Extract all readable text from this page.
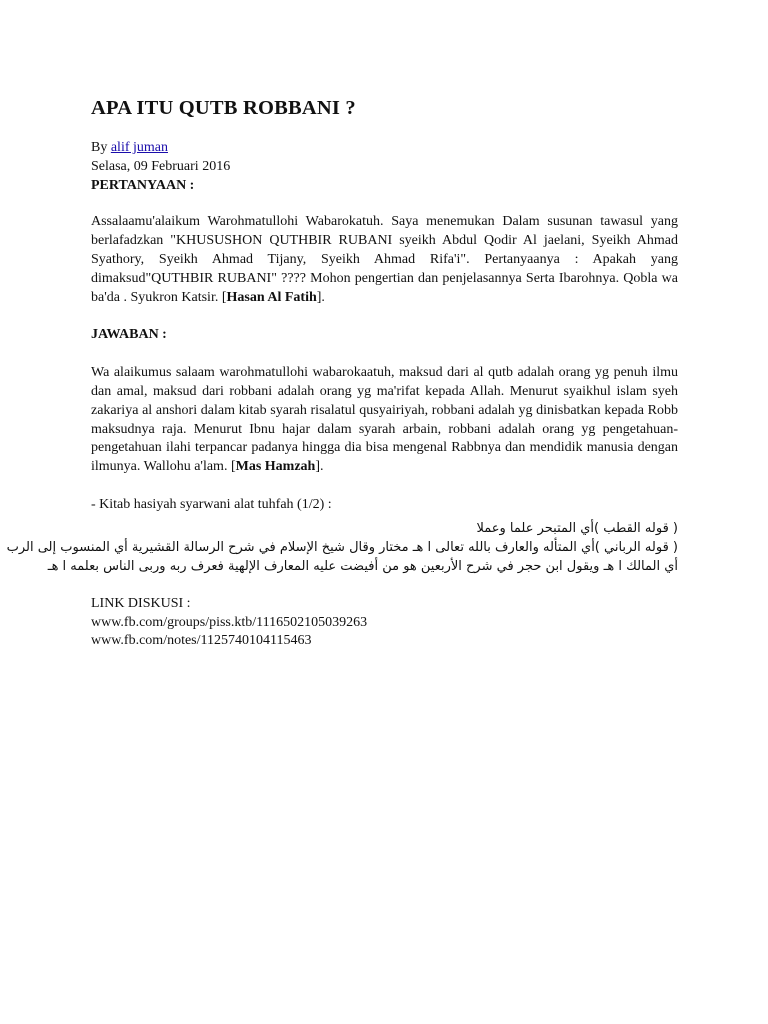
APA ITU QUTB ROBBANI ?
By alif juman
Selasa, 09 Februari 2016
PERTANYAAN :

Assalaamu'alaikum Warohmatullohi Wabarokatuh. Saya menemukan Dalam susunan tawasul yang berlafadzkan "KHUSUSHON QUTHBIR RUBANI syeikh Abdul Qodir Al jaelani, Syeikh Ahmad Syathory, Syeikh Ahmad Tijany, Syeikh Ahmad Rifa'i". Pertanyaanya : Apakah yang dimaksud"QUTHBIR RUBANI" ???? Mohon pengertian dan penjelasannya Serta Ibarohnya. Qobla wa ba'da . Syukron Katsir. [Hasan Al Fatih].

JAWABAN :

Wa alaikumus salaam warohmatullohi wabarokaatuh, maksud dari al qutb adalah orang yg penuh ilmu dan amal, maksud dari robbani adalah orang yg ma'rifat kepada Allah. Menurut syaikhul islam syeh zakariya al anshori dalam kitab syarah risalatul qusyairiyah, robbani adalah yg dinisbatkan kepada Robb maksudnya raja. Menurut Ibnu hajar dalam syarah arbain, robbani adalah orang yg pengetahuan-pengetahuan ilahi terpancar padanya hingga dia bisa mengenal Rabbnya dan mendidik manusia dengan ilmunya. Wallohu a'lam. [Mas Hamzah].

- Kitab hasiyah syarwani alat tuhfah (1/2) :

( قوله القطب )أي المتبحر علما وعملا

( قوله الرباني )أي المتأله والعارف بالله تعالى ا هـ مختار وقال شيخ الإسلام في شرح الرسالة القشيرية أي المنسوب إلى الرب

أي المالك ا هـ ويقول ابن حجر في شرح الأربعين هو من أفيضت عليه المعارف الإلهية فعرف ربه وربى الناس بعلمه ا هـ

LINK DISKUSI :
www.fb.com/groups/piss.ktb/1116502105039263
www.fb.com/notes/1125740104115463
